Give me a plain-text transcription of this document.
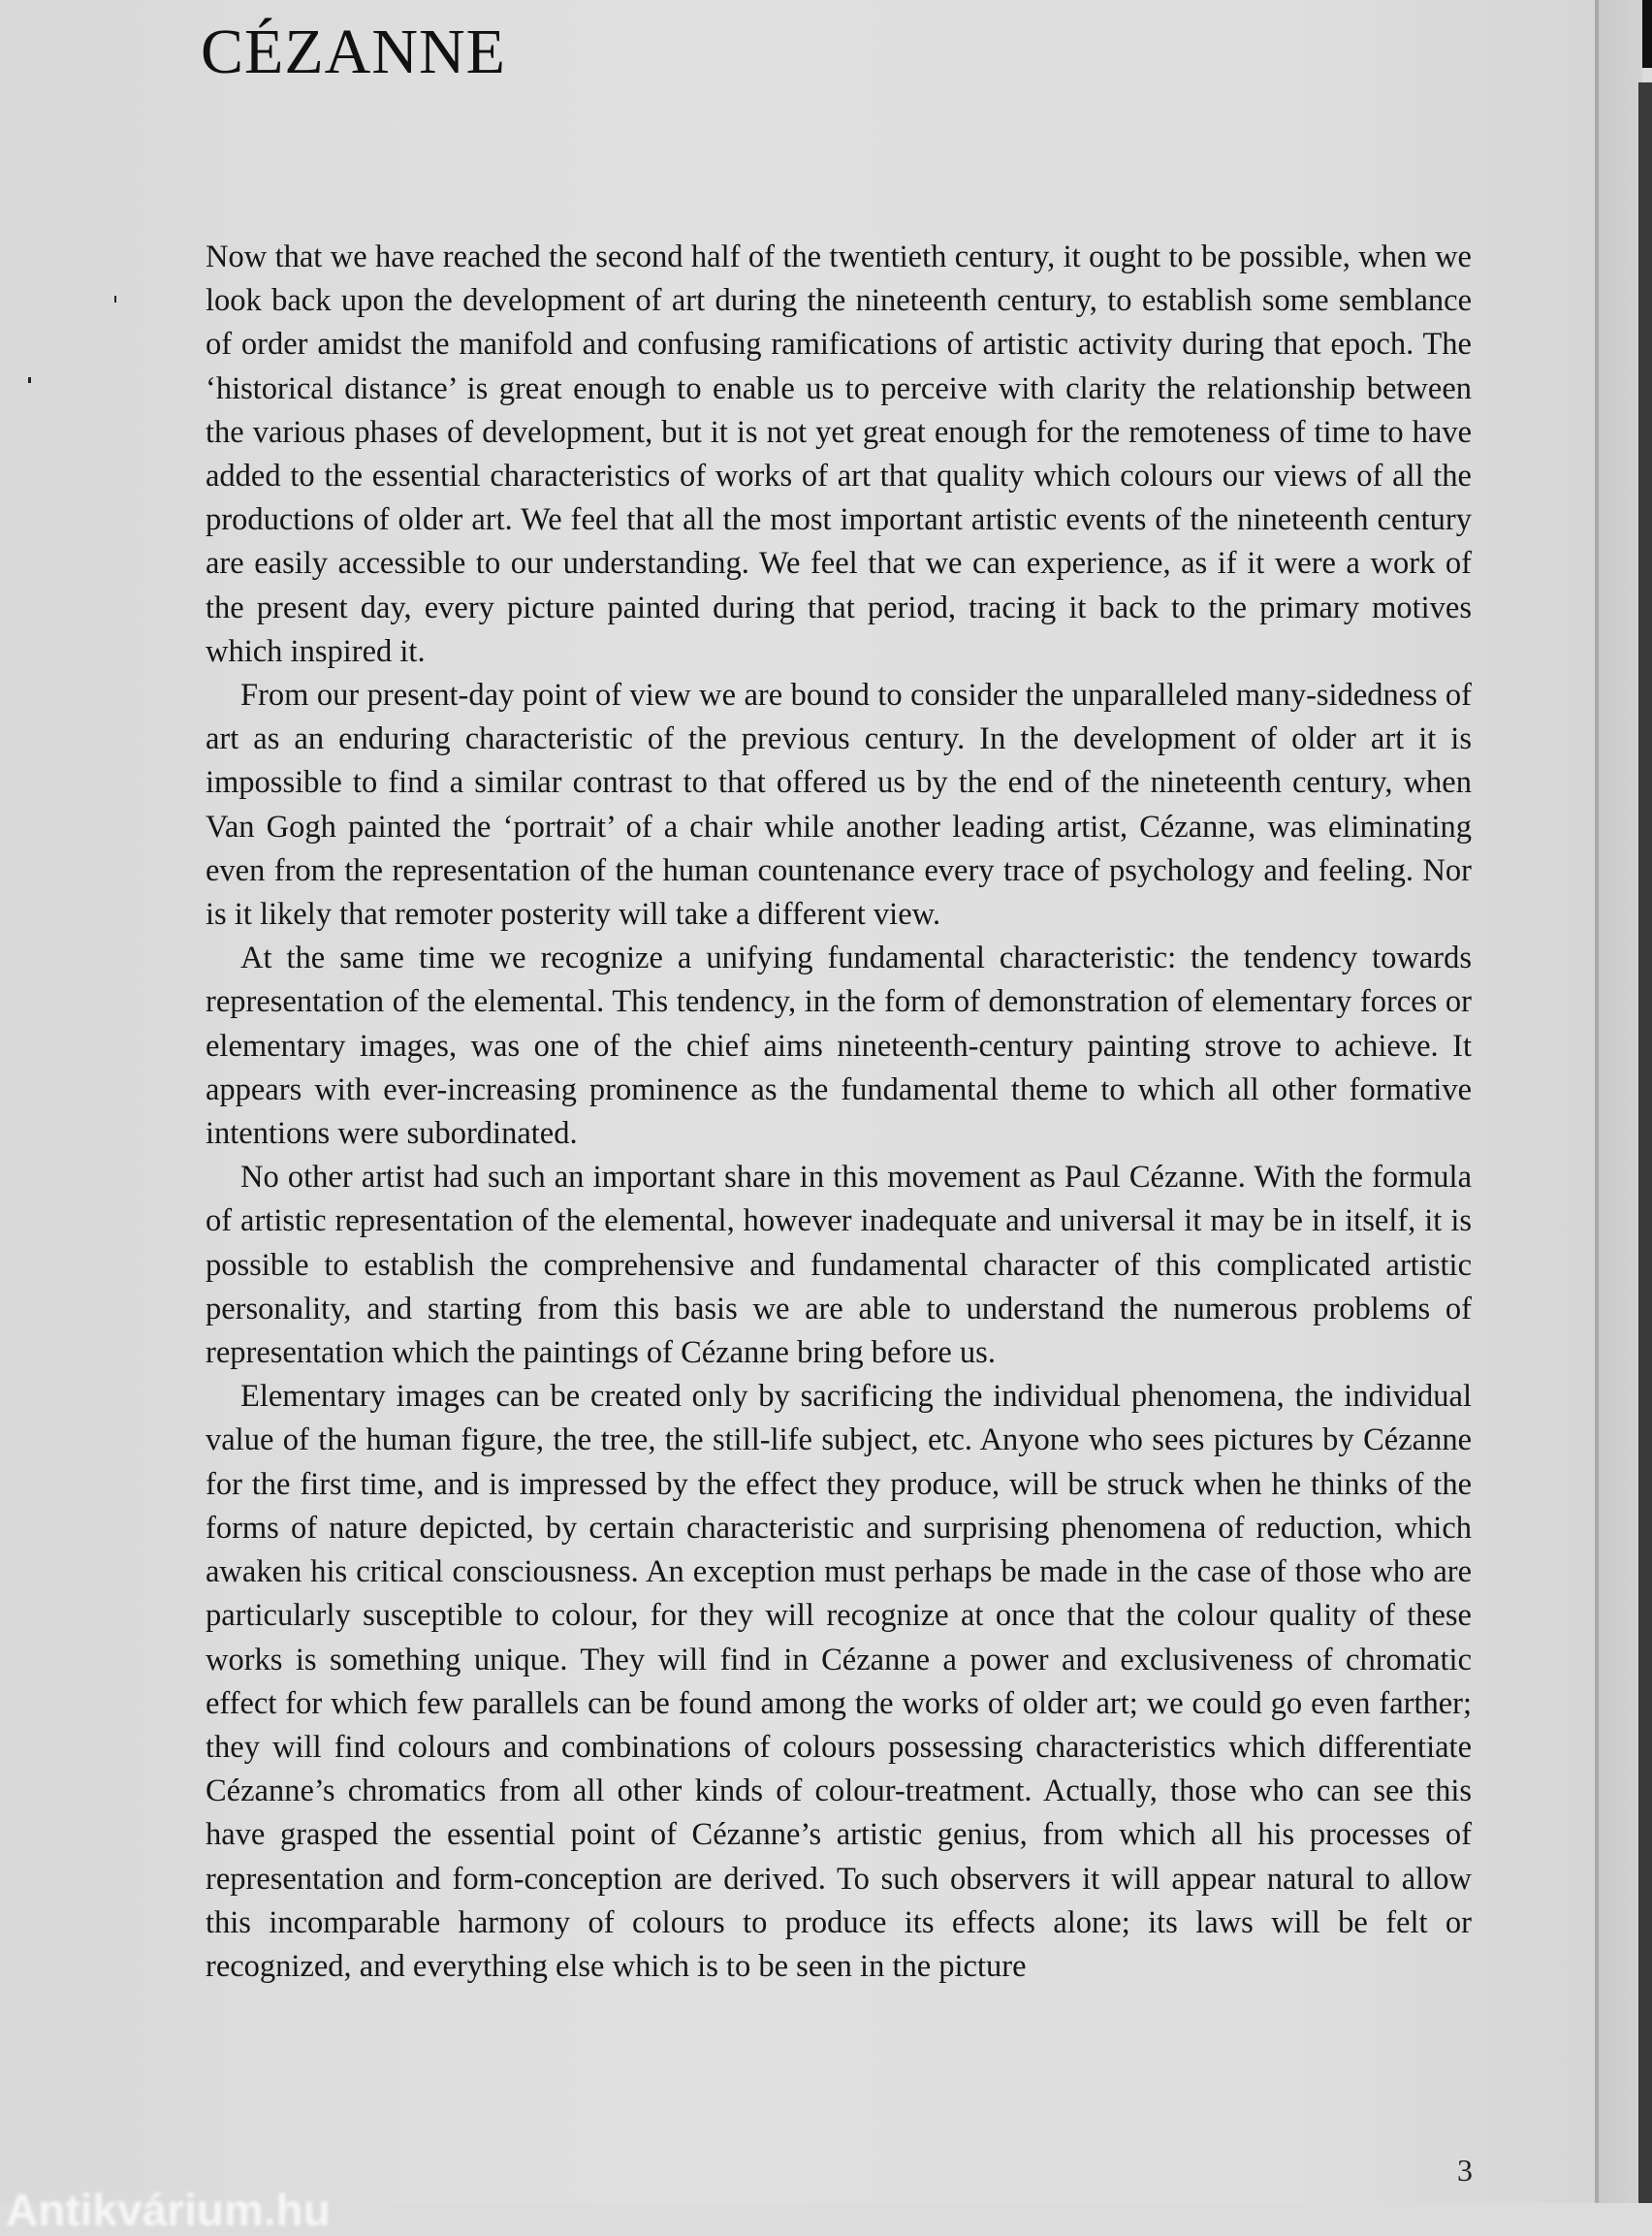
CÉZANNE

Now that we have reached the second half of the twentieth century, it ought to be possible, when we look back upon the development of art during the nineteenth century, to establish some semblance of order amidst the manifold and confusing ramifications of artistic activity during that epoch. The ‘historical distance’ is great enough to enable us to perceive with clarity the relationship between the various phases of development, but it is not yet great enough for the remoteness of time to have added to the essential characteristics of works of art that quality which colours our views of all the productions of older art. We feel that all the most important artistic events of the nineteenth century are easily accessible to our understanding. We feel that we can experience, as if it were a work of the present day, every picture painted during that period, tracing it back to the primary motives which inspired it.

From our present-day point of view we are bound to consider the unparalleled many-sidedness of art as an enduring characteristic of the previous century. In the development of older art it is impossible to find a similar contrast to that offered us by the end of the nineteenth century, when Van Gogh painted the ‘portrait’ of a chair while another leading artist, Cézanne, was eliminating even from the representation of the human countenance every trace of psychology and feeling. Nor is it likely that remoter posterity will take a different view.

At the same time we recognize a unifying fundamental characteristic: the tendency towards representation of the elemental. This tendency, in the form of demonstration of elementary forces or elementary images, was one of the chief aims nineteenth-century painting strove to achieve. It appears with ever-increasing prominence as the fundamental theme to which all other formative intentions were subordinated.

No other artist had such an important share in this movement as Paul Cézanne. With the formula of artistic representation of the elemental, however inadequate and universal it may be in itself, it is possible to establish the comprehensive and fundamental character of this complicated artistic personality, and starting from this basis we are able to understand the numerous problems of representation which the paintings of Cézanne bring before us.

Elementary images can be created only by sacrificing the individual phenomena, the individual value of the human figure, the tree, the still-life subject, etc. Anyone who sees pictures by Cézanne for the first time, and is impressed by the effect they produce, will be struck when he thinks of the forms of nature depicted, by certain characteristic and surprising phenomena of reduction, which awaken his critical consciousness. An exception must perhaps be made in the case of those who are particularly susceptible to colour, for they will recognize at once that the colour quality of these works is something unique. They will find in Cézanne a power and exclusiveness of chromatic effect for which few parallels can be found among the works of older art; we could go even farther; they will find colours and combinations of colours possessing characteristics which differentiate Cézanne’s chromatics from all other kinds of colour-treatment. Actually, those who can see this have grasped the essential point of Cézanne’s artistic genius, from which all his processes of representation and form-conception are derived. To such observers it will appear natural to allow this incomparable harmony of colours to produce its effects alone; its laws will be felt or recognized, and everything else which is to be seen in the picture

3
Antikvárium.hu
